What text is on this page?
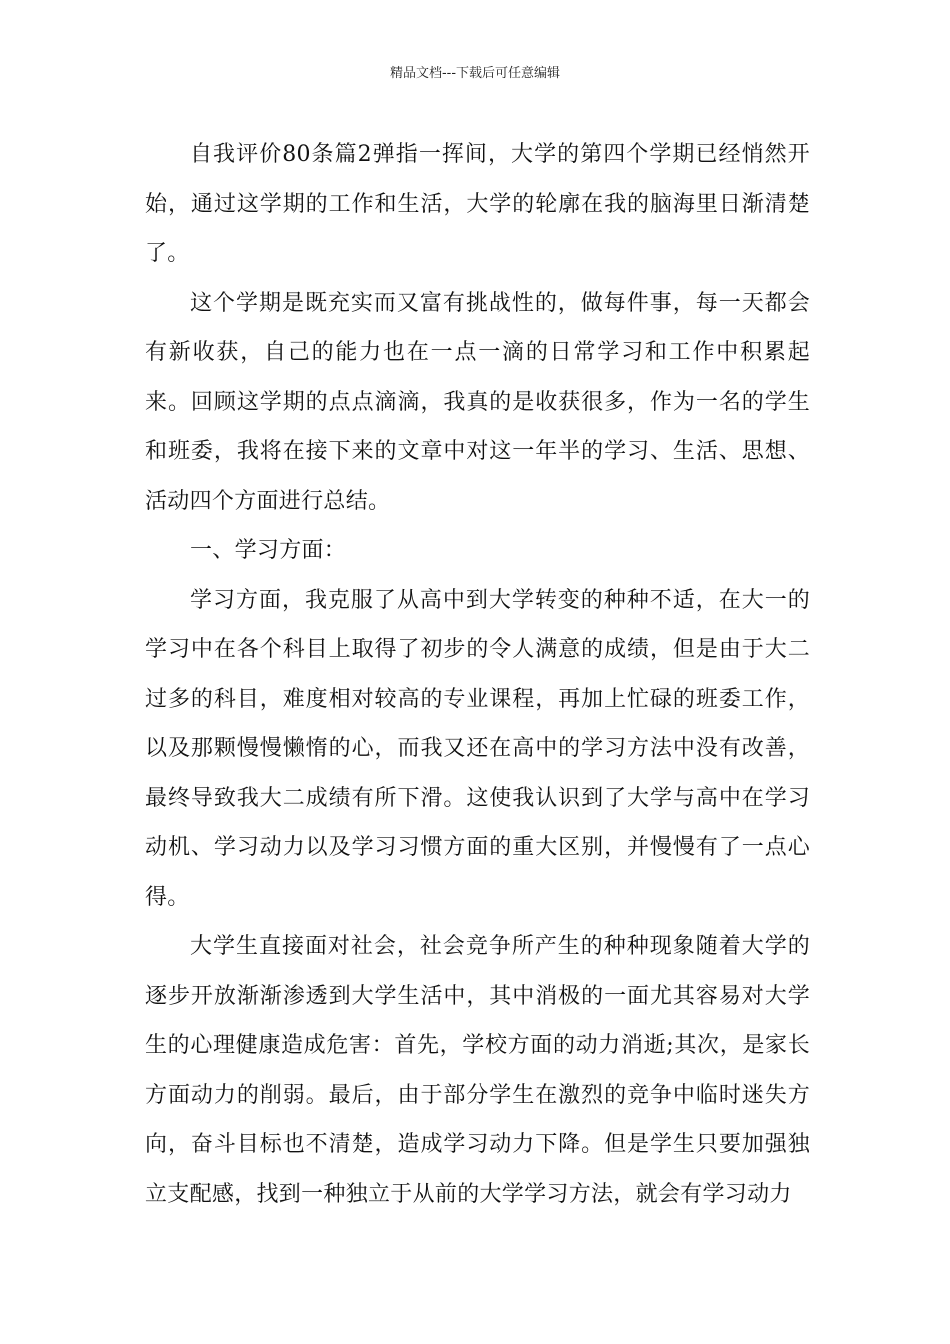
精品文档---下载后可任意编辑

自我评价80条篇2弹指一挥间，大学的第四个学期已经悄然开始，通过这学期的工作和生活，大学的轮廓在我的脑海里日渐清楚了。

这个学期是既充实而又富有挑战性的，做每件事，每一天都会有新收获，自己的能力也在一点一滴的日常学习和工作中积累起来。回顾这学期的点点滴滴，我真的是收获很多，作为一名的学生和班委，我将在接下来的文章中对这一年半的学习、生活、思想、活动四个方面进行总结。

一、学习方面：

学习方面，我克服了从高中到大学转变的种种不适，在大一的学习中在各个科目上取得了初步的令人满意的成绩，但是由于大二过多的科目，难度相对较高的专业课程，再加上忙碌的班委工作，以及那颗慢慢懒惰的心，而我又还在高中的学习方法中没有改善，最终导致我大二成绩有所下滑。这使我认识到了大学与高中在学习动机、学习动力以及学习习惯方面的重大区别，并慢慢有了一点心得。

大学生直接面对社会，社会竞争所产生的种种现象随着大学的逐步开放渐渐渗透到大学生活中，其中消极的一面尤其容易对大学生的心理健康造成危害：首先，学校方面的动力消逝;其次，是家长方面动力的削弱。最后，由于部分学生在激烈的竞争中临时迷失方向，奋斗目标也不清楚，造成学习动力下降。但是学生只要加强独立支配感，找到一种独立于从前的大学学习方法，就会有学习动力
